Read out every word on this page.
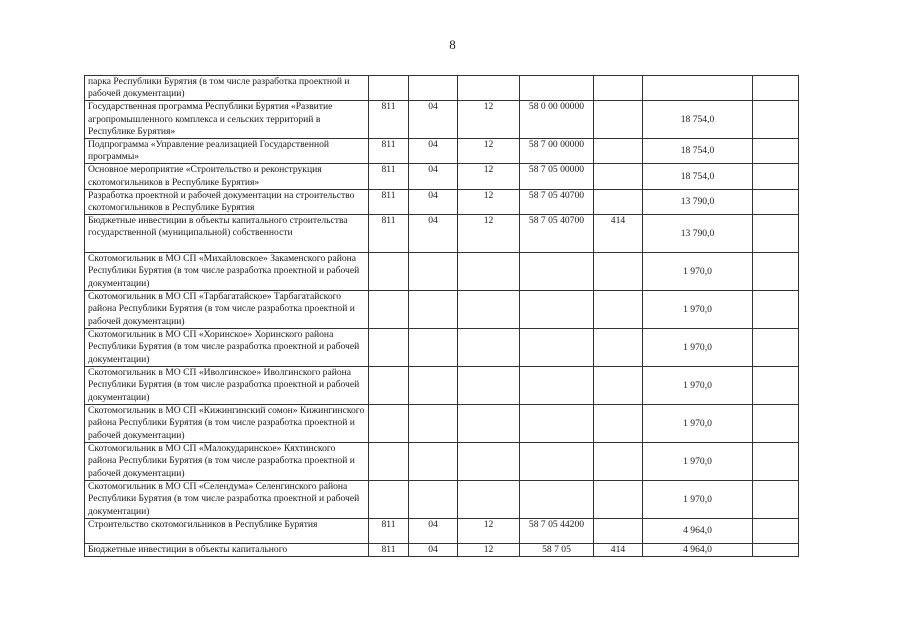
8
парка Республики Бурятия (в том числе разработка проектной и рабочей документации)							
Государственная программа Республики Бурятия «Развитие агропромышленного комплекса и сельских территорий в Республике Бурятия»	811	04	12	58 0 00 00000		18 754,0	
Подпрограмма «Управление реализацией Государственной программы»	811	04	12	58 7 00 00000		18 754,0	
Основное мероприятие «Строительство и реконструкция скотомогильников в Республике Бурятия»	811	04	12	58 7 05 00000		18 754,0	
Разработка проектной и рабочей документации на строительство скотомогильников в Республике Бурятия	811	04	12	58 7 05 40700		13 790,0	
Бюджетные инвестиции в объекты капитального строительства государственной (муниципальной) собственности	811	04	12	58 7 05 40700	414	13 790,0	
Скотомогильник в МО СП «Михайловское» Закаменского района Республики Бурятия (в том числе разработка проектной и рабочей документации)						1 970,0	
Скотомогильник в МО СП «Тарбагатайское» Тарбагатайского района Республики Бурятия (в том числе разработка проектной и рабочей документации)						1 970,0	
Скотомогильник в МО СП «Хоринское» Хоринского района Республики Бурятия (в том числе разработка проектной и рабочей документации)						1 970,0	
Скотомогильник в МО СП «Иволгинское» Иволгинского района Республики Бурятия (в том числе разработка проектной и рабочей документации)						1 970,0	
Скотомогильник в МО СП «Кижингинский сомон» Кижингинского района Республики Бурятия (в том числе разработка проектной и рабочей документации)						1 970,0	
Скотомогильник в МО СП «Малокударинское» Кяхтинского района Республики Бурятия (в том числе разработка проектной и рабочей документации)						1 970,0	
Скотомогильник в МО СП «Селендума» Селенгинского района Республики Бурятия (в том числе разработка проектной и рабочей документации)						1 970,0	
Строительство скотомогильников в Республике Бурятия	811	04	12	58 7 05 44200		4 964,0	
Бюджетные инвестиции в объекты капитального	811	04	12	58 7 05	414	4 964,0	
